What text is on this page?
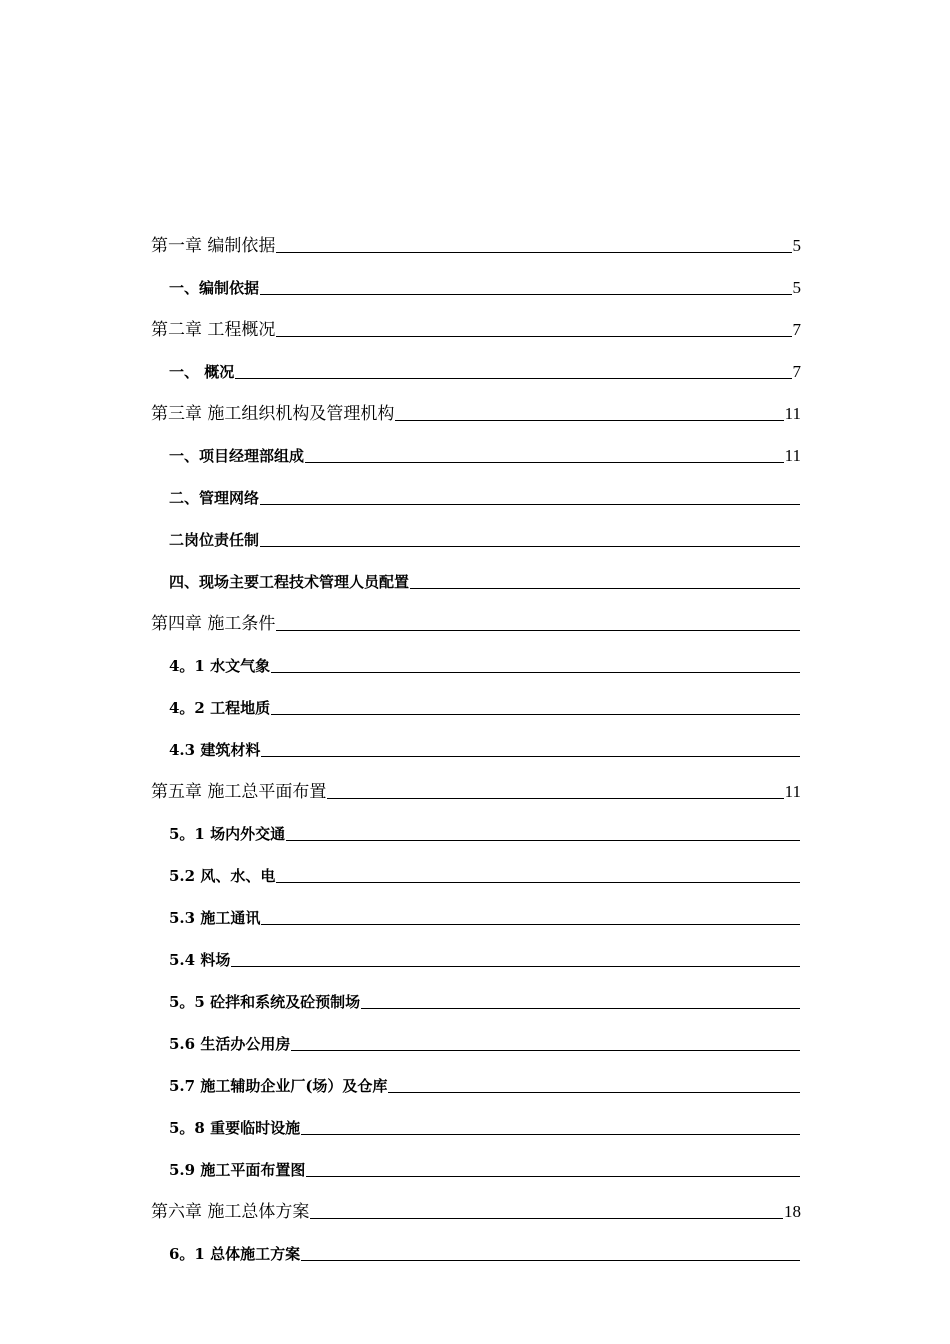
第一章 编制依据	5
一、编制依据	5
第二章 工程概况	7
一、 概况	7
第三章 施工组织机构及管理机构	11
一、项目经理部组成	11
二、管理网络
二岗位责任制
四、现场主要工程技术管理人员配置
第四章 施工条件
4。1 水文气象
4。2 工程地质
4.3 建筑材料
第五章 施工总平面布置	11
5。1 场内外交通
5.2 风、水、电
5.3 施工通讯
5.4 料场
5。5 砼拌和系统及砼预制场
5.6 生活办公用房
5.7 施工辅助企业厂(场）及仓库
5。8 重要临时设施
5.9 施工平面布置图
第六章 施工总体方案	18
6。1 总体施工方案
